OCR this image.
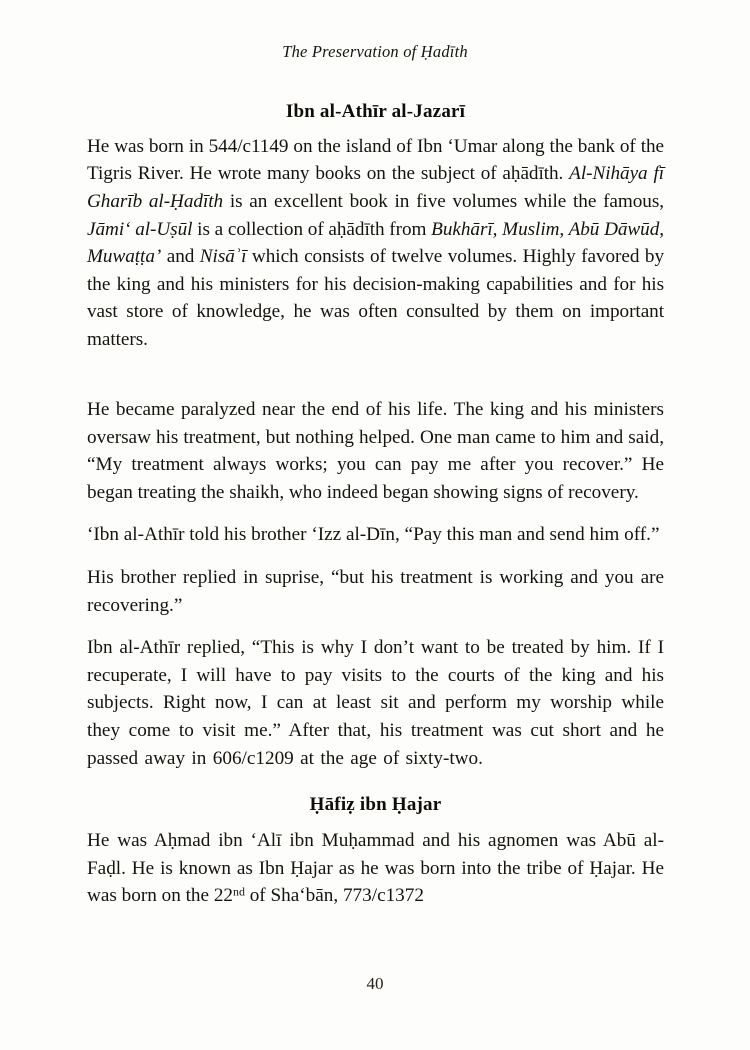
The Preservation of Ḥadīth
Ibn al-Athīr al-Jazarī

He was born in 544/c1149 on the island of Ibn ʻUmar along the bank of the Tigris River. He wrote many books on the subject of aḥādīth. Al-Nihāya fī Gharīb al-Ḥadīth is an excellent book in five volumes while the famous, Jāmiʻ al-Uṣūl is a collection of aḥādīth from Bukhārī, Muslim, Abū Dāwūd, Muwaṭṭa’ and Nisāʾī which consists of twelve volumes. Highly favored by the king and his ministers for his decision-making capabilities and for his vast store of knowledge, he was often consulted by them on important matters.

He became paralyzed near the end of his life. The king and his ministers oversaw his treatment, but nothing helped. One man came to him and said, “My treatment always works; you can pay me after you recover.” He began treating the shaikh, who indeed began showing signs of recovery.

ʻIbn al-Athīr told his brother ʻIzz al-Dīn, “Pay this man and send him off.”

His brother replied in suprise, “but his treatment is working and you are recovering.”

Ibn al-Athīr replied, “This is why I don’t want to be treated by him. If I recuperate, I will have to pay visits to the courts of the king and his subjects. Right now, I can at least sit and perform my worship while they come to visit me.” After that, his treatment was cut short and he passed away in 606/c1209 at the age of sixty-two.

Ḥāfiẓ ibn Ḥajar

He was Aḥmad ibn ʻAlī ibn Muḥammad and his agnomen was Abū al-Faḍl. He is known as Ibn Ḥajar as he was born into the tribe of Ḥajar. He was born on the 22nd of Shaʻbān, 773/c1372

40
